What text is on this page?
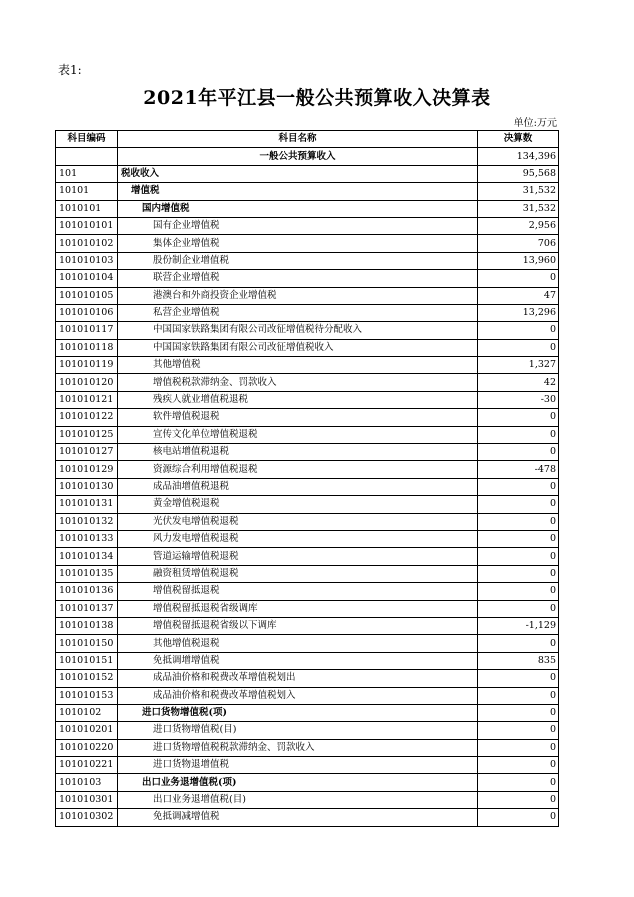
表1:
2021年平江县一般公共预算收入决算表
单位:万元
科目编码	科目名称	决算数
	一般公共预算收入	134,396
101	税收收入	95,568
10101	增值税	31,532
1010101	国内增值税	31,532
101010101	国有企业增值税	2,956
101010102	集体企业增值税	706
101010103	股份制企业增值税	13,960
101010104	联营企业增值税	0
101010105	港澳台和外商投资企业增值税	47
101010106	私营企业增值税	13,296
101010117	中国国家铁路集团有限公司改征增值税待分配收入	0
101010118	中国国家铁路集团有限公司改征增值税收入	0
101010119	其他增值税	1,327
101010120	增值税税款滞纳金、罚款收入	42
101010121	残疾人就业增值税退税	-30
101010122	软件增值税退税	0
101010125	宣传文化单位增值税退税	0
101010127	核电站增值税退税	0
101010129	资源综合利用增值税退税	-478
101010130	成品油增值税退税	0
101010131	黄金增值税退税	0
101010132	光伏发电增值税退税	0
101010133	风力发电增值税退税	0
101010134	管道运输增值税退税	0
101010135	融资租赁增值税退税	0
101010136	增值税留抵退税	0
101010137	增值税留抵退税省级调库	0
101010138	增值税留抵退税省级以下调库	-1,129
101010150	其他增值税退税	0
101010151	免抵调增增值税	835
101010152	成品油价格和税费改革增值税划出	0
101010153	成品油价格和税费改革增值税划入	0
1010102	进口货物增值税(项)	0
101010201	进口货物增值税(目)	0
101010220	进口货物增值税税款滞纳金、罚款收入	0
101010221	进口货物退增值税	0
1010103	出口业务退增值税(项)	0
101010301	出口业务退增值税(目)	0
101010302	免抵调减增值税	0
